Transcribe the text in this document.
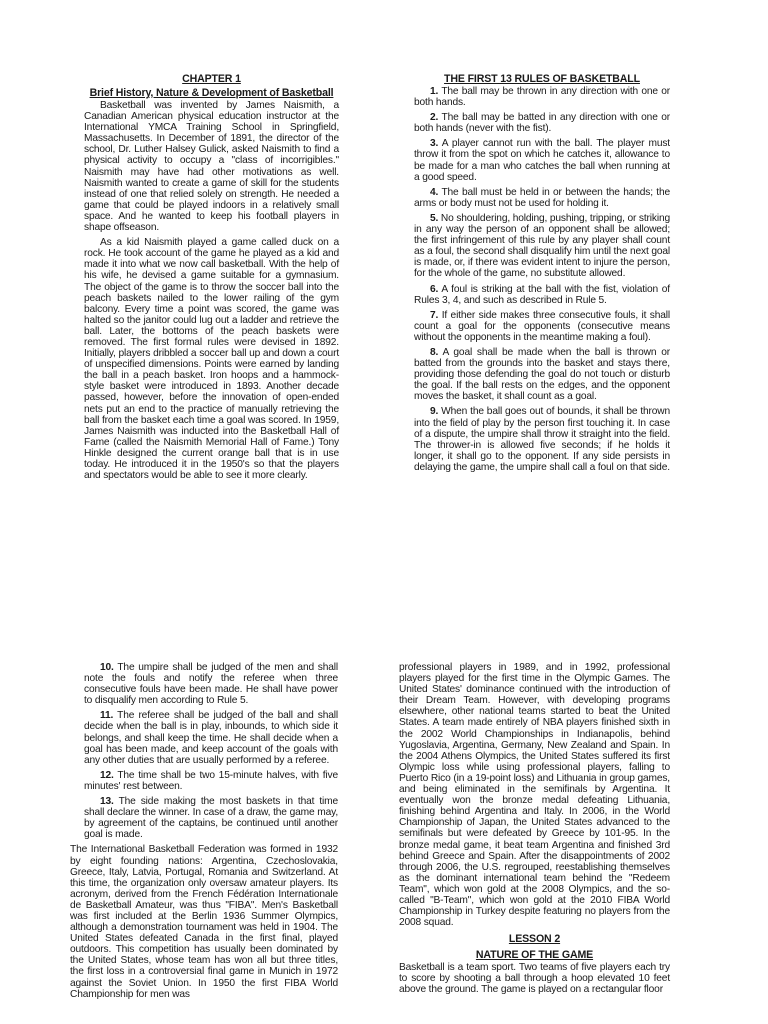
CHAPTER 1

Brief History, Nature & Development of Basketball

Basketball was invented by James Naismith, a Canadian American physical education instructor at the International YMCA Training School in Springfield, Massachusetts. In December of 1891, the director of the school, Dr. Luther Halsey Gulick, asked Naismith to find a physical activity to occupy a "class of incorrigibles." Naismith may have had other motivations as well. Naismith wanted to create a game of skill for the students instead of one that relied solely on strength. He needed a game that could be played indoors in a relatively small space. And he wanted to keep his football players in shape offseason.

As a kid Naismith played a game called duck on a rock. He took account of the game he played as a kid and made it into what we now call basketball. With the help of his wife, he devised a game suitable for a gymnasium. The object of the game is to throw the soccer ball into the peach baskets nailed to the lower railing of the gym balcony. Every time a point was scored, the game was halted so the janitor could lug out a ladder and retrieve the ball. Later, the bottoms of the peach baskets were removed. The first formal rules were devised in 1892. Initially, players dribbled a soccer ball up and down a court of unspecified dimensions. Points were earned by landing the ball in a peach basket. Iron hoops and a hammock-style basket were introduced in 1893. Another decade passed, however, before the innovation of open-ended nets put an end to the practice of manually retrieving the ball from the basket each time a goal was scored. In 1959, James Naismith was inducted into the Basketball Hall of Fame (called the Naismith Memorial Hall of Fame.) Tony Hinkle designed the current orange ball that is in use today. He introduced it in the 1950's so that the players and spectators would be able to see it more clearly.

THE FIRST 13 RULES OF BASKETBALL

1. The ball may be thrown in any direction with one or both hands.

2. The ball may be batted in any direction with one or both hands (never with the fist).

3. A player cannot run with the ball. The player must throw it from the spot on which he catches it, allowance to be made for a man who catches the ball when running at a good speed.

4. The ball must be held in or between the hands; the arms or body must not be used for holding it.

5. No shouldering, holding, pushing, tripping, or striking in any way the person of an opponent shall be allowed; the first infringement of this rule by any player shall count as a foul, the second shall disqualify him until the next goal is made, or, if there was evident intent to injure the person, for the whole of the game, no substitute allowed.

6. A foul is striking at the ball with the fist, violation of Rules 3, 4, and such as described in Rule 5.

7. If either side makes three consecutive fouls, it shall count a goal for the opponents (consecutive means without the opponents in the meantime making a foul).

8. A goal shall be made when the ball is thrown or batted from the grounds into the basket and stays there, providing those defending the goal do not touch or disturb the goal. If the ball rests on the edges, and the opponent moves the basket, it shall count as a goal.

9. When the ball goes out of bounds, it shall be thrown into the field of play by the person first touching it. In case of a dispute, the umpire shall throw it straight into the field. The thrower-in is allowed five seconds; if he holds it longer, it shall go to the opponent. If any side persists in delaying the game, the umpire shall call a foul on that side.

10. The umpire shall be judged of the men and shall note the fouls and notify the referee when three consecutive fouls have been made. He shall have power to disqualify men according to Rule 5.

11. The referee shall be judged of the ball and shall decide when the ball is in play, inbounds, to which side it belongs, and shall keep the time. He shall decide when a goal has been made, and keep account of the goals with any other duties that are usually performed by a referee.

12. The time shall be two 15-minute halves, with five minutes' rest between.

13. The side making the most baskets in that time shall declare the winner. In case of a draw, the game may, by agreement of the captains, be continued until another goal is made.

The International Basketball Federation was formed in 1932 by eight founding nations: Argentina, Czechoslovakia, Greece, Italy, Latvia, Portugal, Romania and Switzerland. At this time, the organization only oversaw amateur players. Its acronym, derived from the French Fédération Internationale de Basketball Amateur, was thus "FIBA". Men's Basketball was first included at the Berlin 1936 Summer Olympics, although a demonstration tournament was held in 1904. The United States defeated Canada in the first final, played outdoors. This competition has usually been dominated by the United States, whose team has won all but three titles, the first loss in a controversial final game in Munich in 1972 against the Soviet Union. In 1950 the first FIBA World Championship for men was

professional players in 1989, and in 1992, professional players played for the first time in the Olympic Games. The United States' dominance continued with the introduction of their Dream Team. However, with developing programs elsewhere, other national teams started to beat the United States. A team made entirely of NBA players finished sixth in the 2002 World Championships in Indianapolis, behind Yugoslavia, Argentina, Germany, New Zealand and Spain. In the 2004 Athens Olympics, the United States suffered its first Olympic loss while using professional players, falling to Puerto Rico (in a 19-point loss) and Lithuania in group games, and being eliminated in the semifinals by Argentina. It eventually won the bronze medal defeating Lithuania, finishing behind Argentina and Italy. In 2006, in the World Championship of Japan, the United States advanced to the semifinals but were defeated by Greece by 101-95. In the bronze medal game, it beat team Argentina and finished 3rd behind Greece and Spain. After the disappointments of 2002 through 2006, the U.S. regrouped, reestablishing themselves as the dominant international team behind the "Redeem Team", which won gold at the 2008 Olympics, and the so-called "B-Team", which won gold at the 2010 FIBA World Championship in Turkey despite featuring no players from the 2008 squad.

LESSON 2

NATURE OF THE GAME

Basketball is a team sport. Two teams of five players each try to score by shooting a ball through a hoop elevated 10 feet above the ground. The game is played on a rectangular floor
